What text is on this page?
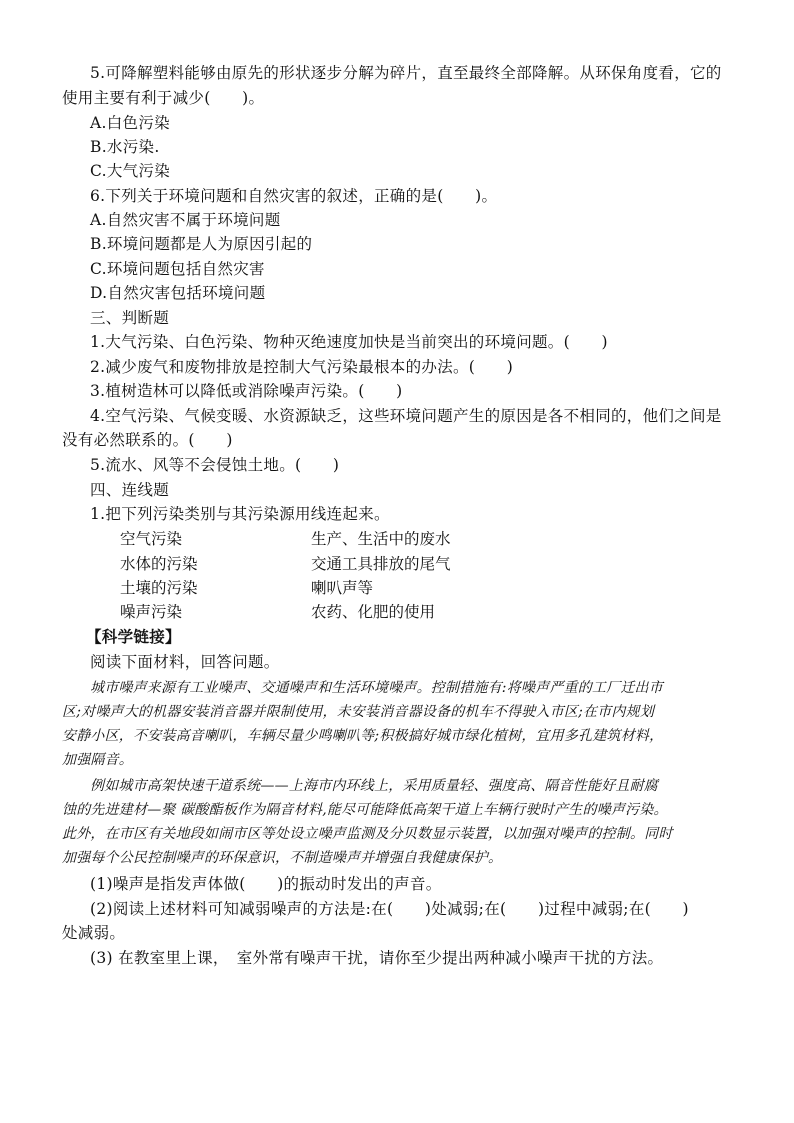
5.可降解塑料能够由原先的形状逐步分解为碎片，直至最终全部降解。从环保角度看，它的
使用主要有利于减少(　　)。
A.白色污染
B.水污染.
C.大气污染
6.下列关于环境问题和自然灾害的叙述，正确的是(　　)。
A.自然灾害不属于环境问题
B.环境问题都是人为原因引起的
C.环境问题包括自然灾害
D.自然灾害包括环境问题
三、判断题
1.大气污染、白色污染、物种灭绝速度加快是当前突出的环境问题。(　　)
2.减少废气和废物排放是控制大气污染最根本的办法。(　　)
3.植树造林可以降低或消除噪声污染。(　　)
4.空气污染、气候变暖、水资源缺乏，这些环境问题产生的原因是各不相同的，他们之间是
没有必然联系的。(　　)
5.流水、风等不会侵蚀土地。(　　)
四、连线题
1.把下列污染类别与其污染源用线连起来。
空气污染	生产、生活中的废水
水体的污染	交通工具排放的尾气
土壤的污染	喇叭声等
噪声污染	农药、化肥的使用
【科学链接】
阅读下面材料，回答问题。

城市噪声来源有工业噪声、交通噪声和生活环境噪声。控制措施有:将噪声严重的工厂迁出市

区;对噪声大的机器安装消音器并限制使用，未安装消音器设备的机车不得驶入市区;在市内规划

安静小区，不安装高音喇叭，车辆尽量少鸣喇叭等;积极搞好城市绿化植树，宜用多孔建筑材料，

加强隔音。

例如城市高架快速干道系统——上海市内环线上，采用质量轻、强度高、隔音性能好且耐腐

蚀的先进建材—聚 碳酸酯板作为隔音材料,能尽可能降低高架干道上车辆行驶时产生的噪声污染。

此外，在市区有关地段如闹市区等处设立噪声监测及分贝数显示装置，以加强对噪声的控制。同时

加强每个公民控制噪声的环保意识，不制造噪声并增强自我健康保护。

(1)噪声是指发声体做(　　)的振动时发出的声音。
(2)阅读上述材料可知减弱噪声的方法是:在(　　)处减弱;在(　　)过程中减弱;在(　　)
处减弱。
(3) 在教室里上课，　室外常有噪声干扰，请你至少提出两种减小噪声干扰的方法。
